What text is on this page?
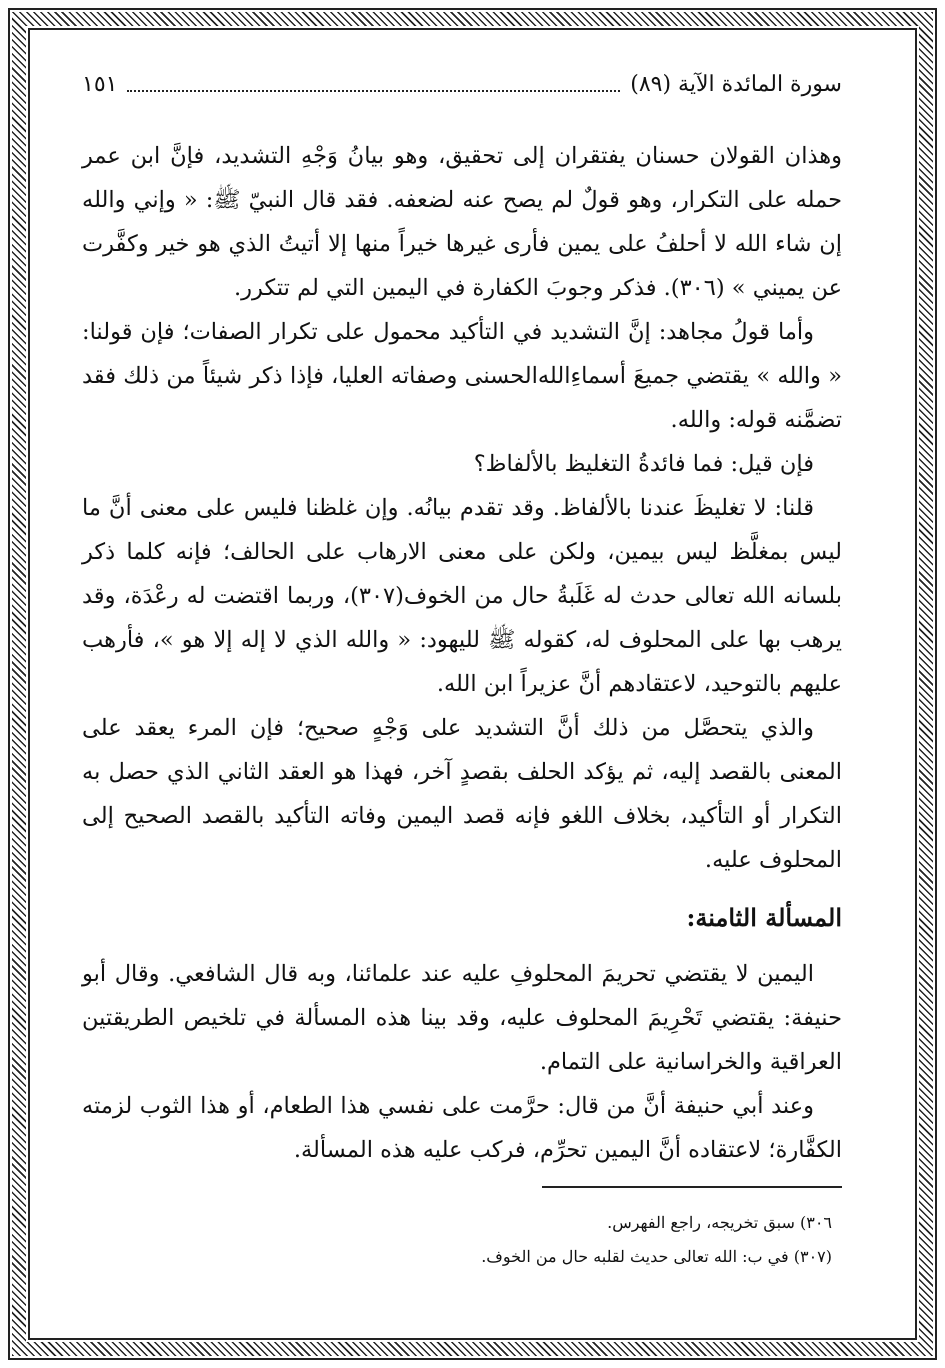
سورة المائدة الآية (٨٩)
١٥١

وهذان القولان حسنان يفتقران إلى تحقيق، وهو بيانُ وَجْهِ التشديد، فإنَّ ابن عمر حمله على التكرار، وهو قولٌ لم يصح عنه لضعفه. فقد قال النبيّ ﷺ: « وإني والله إن شاء الله لا أحلفُ على يمين فأرى غيرها خيراً منها إلا أتيتُ الذي هو خير وكفَّرت عن يميني » (٣٠٦). فذكر وجوبَ الكفارة في اليمين التي لم تتكرر.

وأما قولُ مجاهد: إنَّ التشديد في التأكيد محمول على تكرار الصفات؛ فإن قولنا: « والله » يقتضي جميعَ أسماءِالله‌الحسنى وصفاته العليا، فإذا ذكر شيئاً من ذلك فقد تضمَّنه قوله: والله.

فإن قيل: فما فائدةُ التغليظ بالألفاظ؟

قلنا: لا تغليظَ عندنا بالألفاظ. وقد تقدم بيانُه. وإن غلظنا فليس على معنى أنَّ ما ليس بمغلَّظ ليس بيمين، ولكن على معنى الارهاب على الحالف؛ فإنه كلما ذكر بلسانه الله تعالى حدث له غَلَبةُ حال من الخوف(٣٠٧)، وربما اقتضت له رعْدَة، وقد يرهب بها على المحلوف له، كقوله ﷺ لليهود: « والله الذي لا إله إلا هو »، فأرهب عليهم بالتوحيد، لاعتقادهم أنَّ عزيراً ابن الله.

والذي يتحصَّل من ذلك أنَّ التشديد على وَجْهٍ صحيح؛ فإن المرء يعقد على المعنى بالقصد إليه، ثم يؤكد الحلف بقصدٍ آخر، فهذا هو العقد الثاني الذي حصل به التكرار أو التأكيد، بخلاف اللغو فإنه قصد اليمين وفاته التأكيد بالقصد الصحيح إلى المحلوف عليه.

المسألة الثامنة:

اليمين لا يقتضي تحريمَ المحلوفِ عليه عند علمائنا، وبه قال الشافعي. وقال أبو حنيفة: يقتضي تَحْرِيمَ المحلوف عليه، وقد بينا هذه المسألة في تلخيص الطريقتين العراقية والخراسانية على التمام.

وعند أبي حنيفة أنَّ من قال: حرَّمت على نفسي هذا الطعام، أو هذا الثوب لزمته الكفَّارة؛ لاعتقاده أنَّ اليمين تحرِّم، فركب عليه هذه المسألة.

٣٠٦) سبق تخريجه، راجع الفهرس.

(٣٠٧) في ب: الله تعالى حديث لقلبه حال من الخوف.
